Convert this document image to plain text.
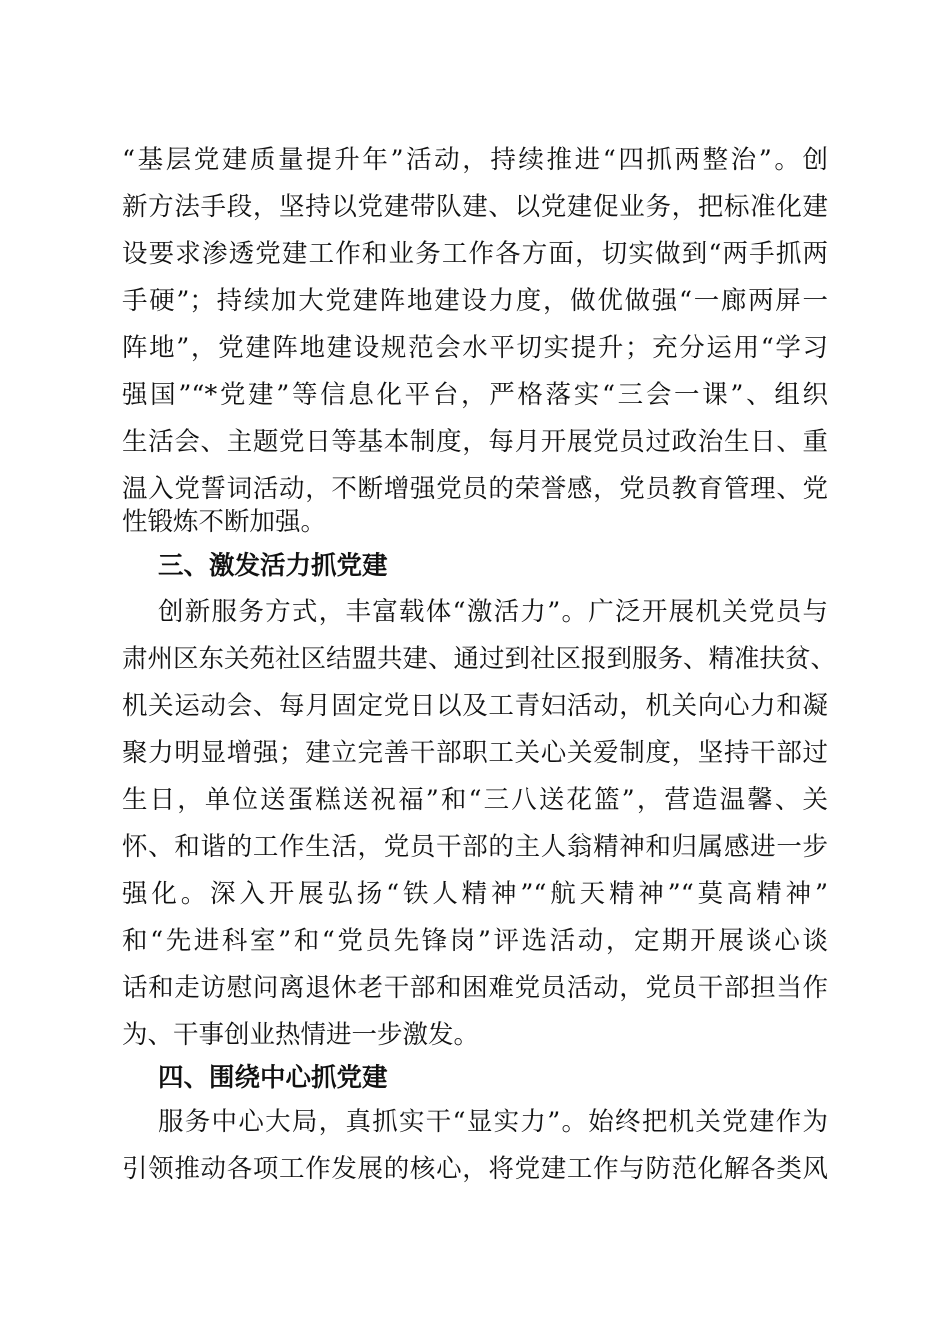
“基层党建质量提升年”活动，持续推进“四抓两整治”。创
新方法手段，坚持以党建带队建、以党建促业务，把标准化建
设要求渗透党建工作和业务工作各方面，切实做到“两手抓两
手硬”；持续加大党建阵地建设力度，做优做强“一廊两屏一
阵地”，党建阵地建设规范会水平切实提升；充分运用“学习
强国”“*党建”等信息化平台，严格落实“三会一课”、组织
生活会、主题党日等基本制度，每月开展党员过政治生日、重
温入党誓词活动，不断增强党员的荣誉感，党员教育管理、党
性锻炼不断加强。
三、激发活力抓党建
创新服务方式，丰富载体“激活力”。广泛开展机关党员与
肃州区东关苑社区结盟共建、通过到社区报到服务、精准扶贫、
机关运动会、每月固定党日以及工青妇活动，机关向心力和凝
聚力明显增强；建立完善干部职工关心关爱制度，坚持干部过
生日，单位送蛋糕送祝福”和“三八送花篮”，营造温馨、关
怀、和谐的工作生活，党员干部的主人翁精神和归属感进一步
强化。深入开展弘扬“铁人精神”“航天精神”“莫高精神”
和“先进科室”和“党员先锋岗”评选活动，定期开展谈心谈
话和走访慰问离退休老干部和困难党员活动，党员干部担当作
为、干事创业热情进一步激发。
四、围绕中心抓党建
服务中心大局，真抓实干“显实力”。始终把机关党建作为
引领推动各项工作发展的核心，将党建工作与防范化解各类风
